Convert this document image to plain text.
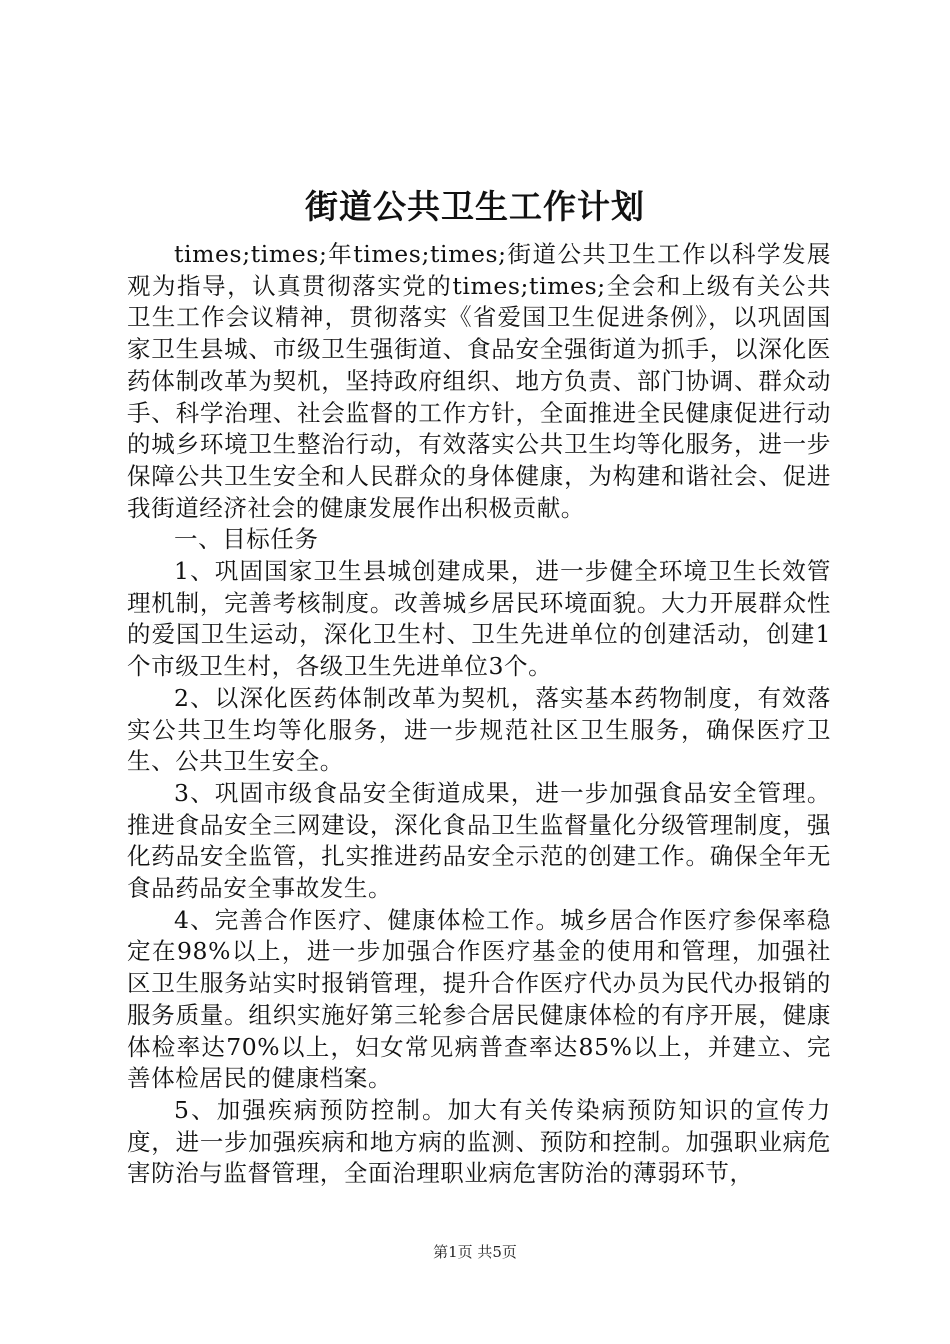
街道公共卫生工作计划

times;times;年times;times;街道公共卫生工作以科学发展观为指导，认真贯彻落实党的times;times;全会和上级有关公共卫生工作会议精神，贯彻落实《省爱国卫生促进条例》，以巩固国家卫生县城、市级卫生强街道、食品安全强街道为抓手，以深化医药体制改革为契机，坚持政府组织、地方负责、部门协调、群众动手、科学治理、社会监督的工作方针，全面推进全民健康促进行动的城乡环境卫生整治行动，有效落实公共卫生均等化服务，进一步保障公共卫生安全和人民群众的身体健康，为构建和谐社会、促进我街道经济社会的健康发展作出积极贡献。

一、目标任务

1、巩固国家卫生县城创建成果，进一步健全环境卫生长效管理机制，完善考核制度。改善城乡居民环境面貌。大力开展群众性的爱国卫生运动，深化卫生村、卫生先进单位的创建活动，创建1个市级卫生村，各级卫生先进单位3个。

2、以深化医药体制改革为契机，落实基本药物制度，有效落实公共卫生均等化服务，进一步规范社区卫生服务，确保医疗卫生、公共卫生安全。

3、巩固市级食品安全街道成果，进一步加强食品安全管理。推进食品安全三网建设，深化食品卫生监督量化分级管理制度，强化药品安全监管，扎实推进药品安全示范的创建工作。确保全年无食品药品安全事故发生。

4、完善合作医疗、健康体检工作。城乡居合作医疗参保率稳定在98%以上，进一步加强合作医疗基金的使用和管理，加强社区卫生服务站实时报销管理，提升合作医疗代办员为民代办报销的服务质量。组织实施好第三轮参合居民健康体检的有序开展，健康体检率达70%以上，妇女常见病普查率达85%以上，并建立、完善体检居民的健康档案。

5、加强疾病预防控制。加大有关传染病预防知识的宣传力度，进一步加强疾病和地方病的监测、预防和控制。加强职业病危害防治与监督管理，全面治理职业病危害防治的薄弱环节，

第1页 共5页
